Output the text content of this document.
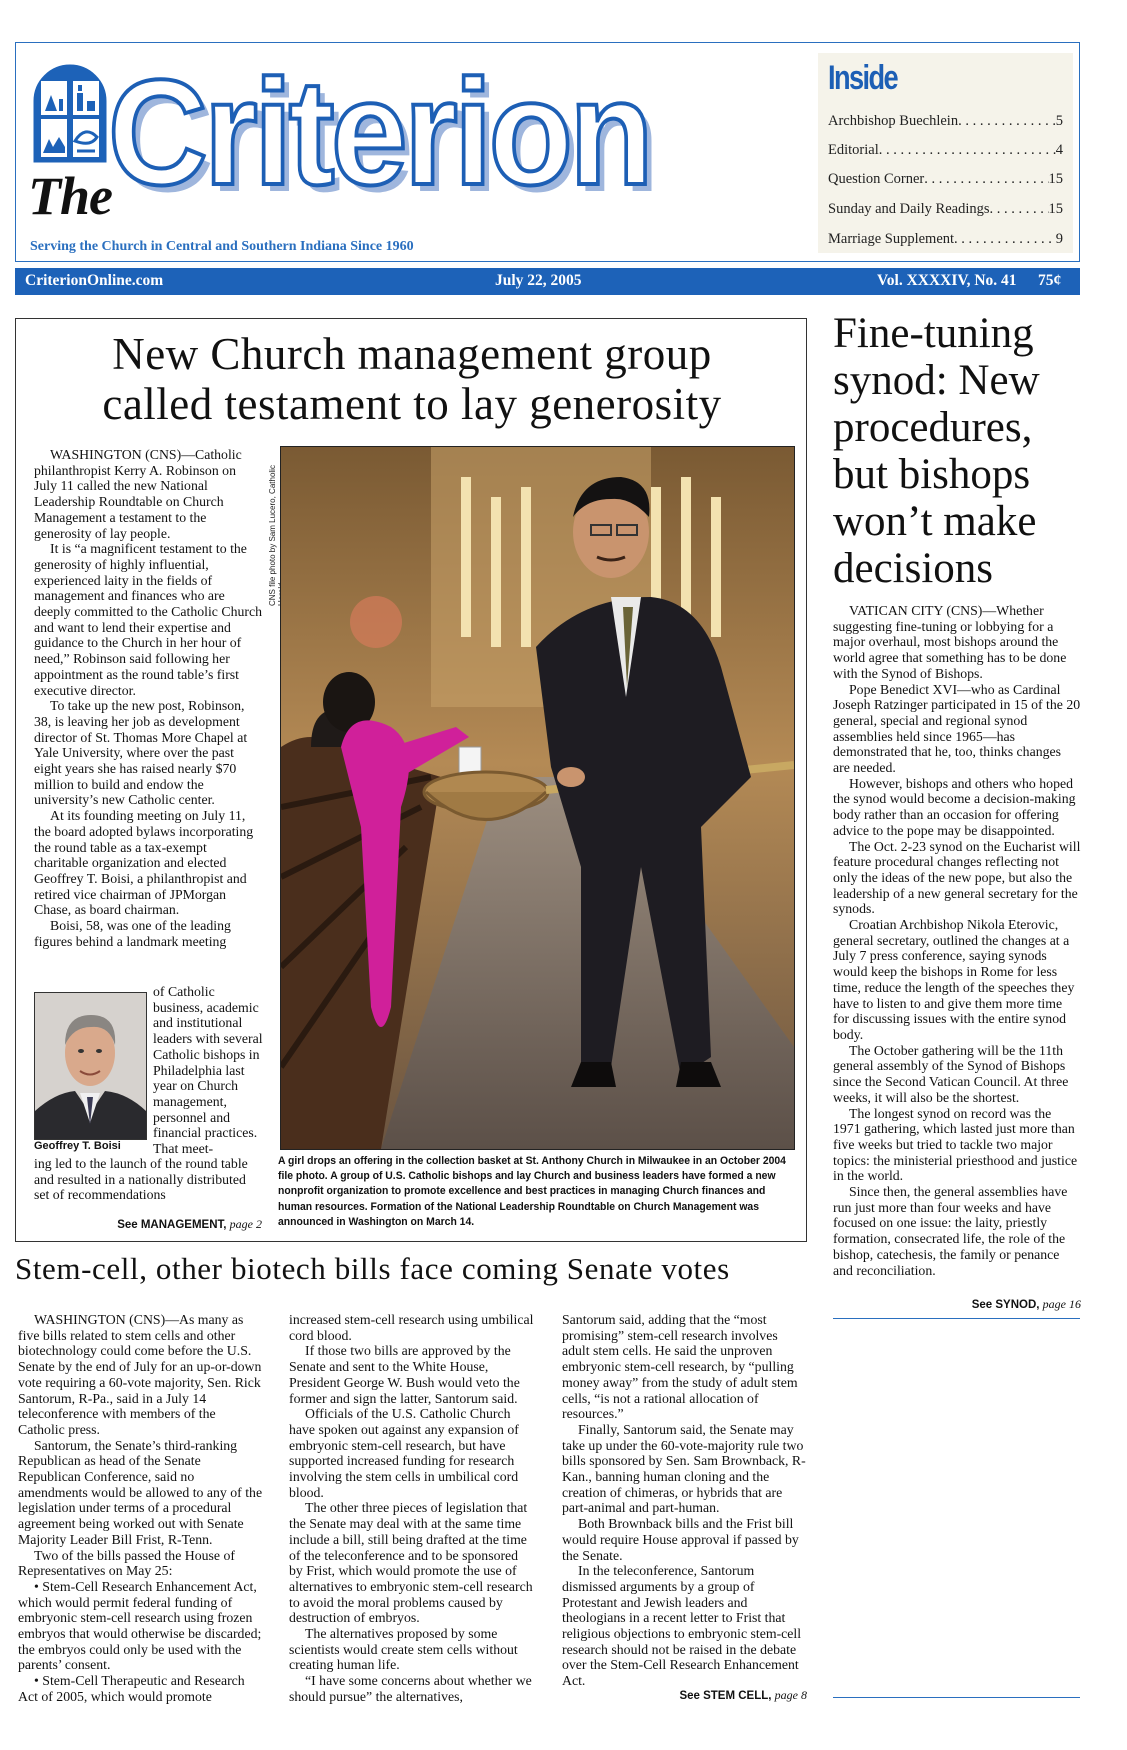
The
Criterion
Serving the Church in Central and Southern Indiana Since 1960
Inside
Archbishop Buechlein . . .	5
Editorial . . .	4
Question Corner . . .	15
Sunday and Daily Readings . . .	15
Marriage Supplement . . .	9
CriterionOnline.com	July 22, 2005	Vol. XXXXIV, No. 41 75¢
New Church management group
called testament to lay generosity

WASHINGTON (CNS)—Catholic philanthropist Kerry A. Robinson on July 11 called the new National Leadership Roundtable on Church Management a testament to the generosity of lay people.

It is “a magnificent testament to the generosity of highly influential, experienced laity in the fields of management and finances who are deeply committed to the Catholic Church and want to lend their expertise and guidance to the Church in her hour of need,” Robinson said following her appointment as the round table’s first executive director.

To take up the new post, Robinson, 38, is leaving her job as development director of St. Thomas More Chapel at Yale University, where over the past eight years she has raised nearly $70 million to build and endow the university’s new Catholic center.

At its founding meeting on July 11, the board adopted bylaws incorporating the round table as a tax-exempt charitable organization and elected Geoffrey T. Boisi, a philanthropist and retired vice chairman of JPMorgan Chase, as board chairman.

Boisi, 58, was one of the leading figures behind a landmark meeting

of Catholic business, academic and institutional leaders with several Catholic bishops in Philadelphia last year on Church management, personnel and financial practices. That meet-

ing led to the launch of the round table and resulted in a nationally distributed set of recommendations

See MANAGEMENT, page 2
Geoffrey T. Boisi
CNS file photo by Sam Lucero, Catholic
A girl drops an offering in the collection basket at St. Anthony Church in Milwaukee in an October 2004 file photo. A group of U.S. Catholic bishops and lay Church and business leaders have formed a new nonprofit organization to promote excellence and best practices in managing Church finances and human resources. Formation of the National Leadership Roundtable on Church Management was announced in Washington on March 14.
Fine-tuning synod: New procedures, but bishops won’t make decisions

VATICAN CITY (CNS)—Whether suggesting fine-tuning or lobbying for a major overhaul, most bishops around the world agree that something has to be done with the Synod of Bishops.

Pope Benedict XVI—who as Cardinal Joseph Ratzinger participated in 15 of the 20 general, special and regional synod assemblies held since 1965—has demonstrated that he, too, thinks changes are needed.

However, bishops and others who hoped the synod would become a decision-making body rather than an occasion for offering advice to the pope may be disappointed.

The Oct. 2-23 synod on the Eucharist will feature procedural changes reflecting not only the ideas of the new pope, but also the leadership of a new general secretary for the synods.

Croatian Archbishop Nikola Eterovic, general secretary, outlined the changes at a July 7 press conference, saying synods would keep the bishops in Rome for less time, reduce the length of the speeches they have to listen to and give them more time for discussing issues with the entire synod body.

The October gathering will be the 11th general assembly of the Synod of Bishops since the Second Vatican Council. At three weeks, it will also be the shortest.

The longest synod on record was the 1971 gathering, which lasted just more than five weeks but tried to tackle two major topics: the ministerial priesthood and justice in the world.

Since then, the general assemblies have run just more than four weeks and have focused on one issue: the laity, priestly formation, consecrated life, the role of the bishop, catechesis, the family or penance and reconciliation.

See SYNOD, page 16
Stem-cell, other biotech bills face coming Senate votes

WASHINGTON (CNS)—As many as five bills related to stem cells and other biotechnology could come before the U.S. Senate by the end of July for an up-or-down vote requiring a 60-vote majority, Sen. Rick Santorum, R-Pa., said in a July 14 teleconference with members of the Catholic press.

Santorum, the Senate’s third-ranking Republican as head of the Senate Republican Conference, said no amendments would be allowed to any of the legislation under terms of a procedural agreement being worked out with Senate Majority Leader Bill Frist, R-Tenn.

Two of the bills passed the House of Representatives on May 25:

• Stem-Cell Research Enhancement Act, which would permit federal funding of embryonic stem-cell research using frozen embryos that would otherwise be discarded; the embryos could only be used with the parents’ consent.

• Stem-Cell Therapeutic and Research Act of 2005, which would promote

increased stem-cell research using umbilical cord blood.

If those two bills are approved by the Senate and sent to the White House, President George W. Bush would veto the former and sign the latter, Santorum said.

Officials of the U.S. Catholic Church have spoken out against any expansion of embryonic stem-cell research, but have supported increased funding for research involving the stem cells in umbilical cord blood.

The other three pieces of legislation that the Senate may deal with at the same time include a bill, still being drafted at the time of the teleconference and to be sponsored by Frist, which would promote the use of alternatives to embryonic stem-cell research to avoid the moral problems caused by destruction of embryos.

The alternatives proposed by some scientists would create stem cells without creating human life.

“I have some concerns about whether we should pursue” the alternatives,

Santorum said, adding that the “most promising” stem-cell research involves adult stem cells. He said the unproven embryonic stem-cell research, by “pulling money away” from the study of adult stem cells, “is not a rational allocation of resources.”

Finally, Santorum said, the Senate may take up under the 60-vote-majority rule two bills sponsored by Sen. Sam Brownback, R-Kan., banning human cloning and the creation of chimeras, or hybrids that are part-animal and part-human.

Both Brownback bills and the Frist bill would require House approval if passed by the Senate.

In the teleconference, Santorum dismissed arguments by a group of Protestant and Jewish leaders and theologians in a recent letter to Frist that religious objections to embryonic stem-cell research should not be raised in the debate over the Stem-Cell Research Enhancement Act.

See STEM CELL, page 8
